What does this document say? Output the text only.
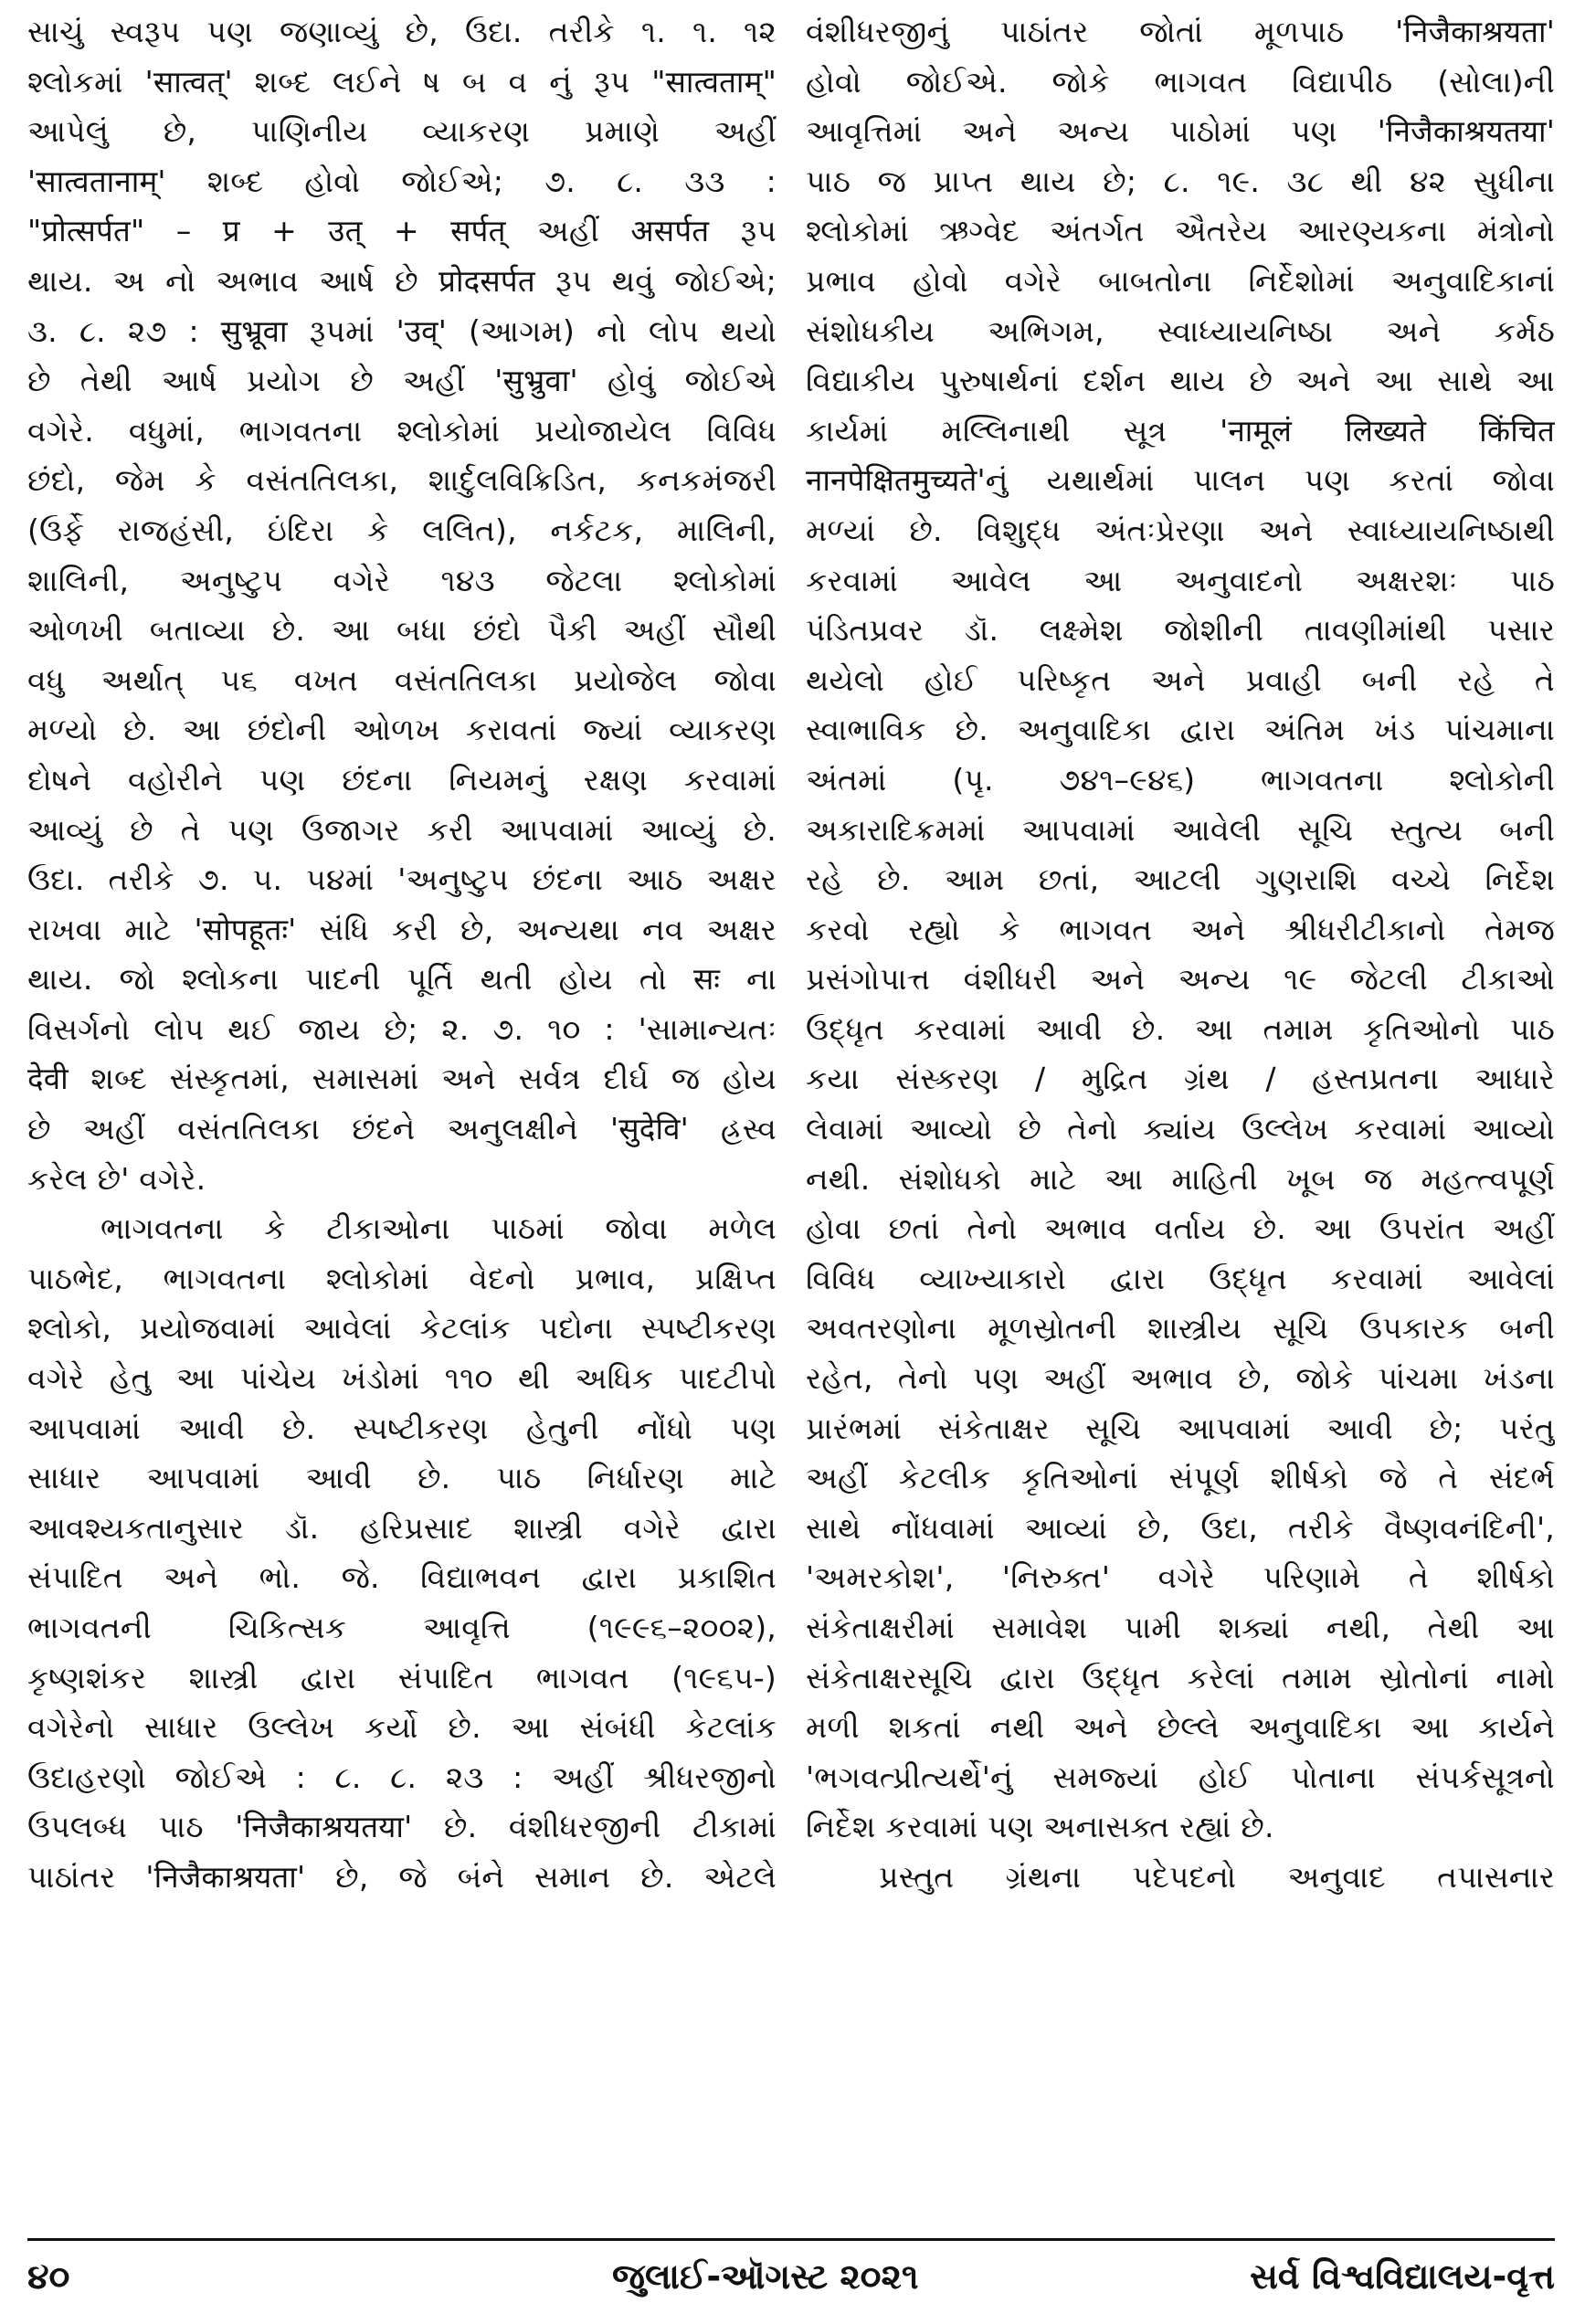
સાચું સ્વરૂપ પણ જણાવ્યું છે, ઉદા. તરીકે ૧. ૧. ૧૨
શ્લોકમાં 'सात्वत्' શબ્દ લઈને ષ બ વ નું રૂપ "सात्वताम्"
આપેલું છે, પાણિનીય વ્યાકરણ પ્રમાણે અહીં
'सात्वतानाम्' શબ્દ હોવો જોઈએ; ૭. ૮. ૩૩ :
"प्रोत्सर्पत" – प्र + उत् + सर्पत् અહીં असर्पत રૂપ
થાય. અ નો અભાવ આર્ષ છે प्रोदसर्पत રૂપ થવું જોઈએ;
૩. ૮. ૨૭ : सुभ्रूवा રૂપમાં 'उव्' (આગમ) નો લોપ થયો
છે તેથી આર્ષ પ્રયોગ છે અહીં 'सुभ्रुवा' હોવું જોઈએ
વગેરે. વધુમાં, ભાગવતના શ્લોકોમાં પ્રયોજાયેલ વિવિધ
છંદો, જેમ કે વસંતતિલકા, શાર્દુલવિક્રિડિત, કનકમંજરી
(ઉર્ફે રાજહંસી, ઇંદિરા કે લલિત), નર્કટક, માલિની,
શાલિની, અનુષ્ટુપ વગેરે ૧૪૩ જેટલા શ્લોકોમાં
ઓળખી બતાવ્યા છે. આ બધા છંદો પૈકી અહીં સૌથી
વધુ અર્થાત્ ૫૬ વખત વસંતતિલકા પ્રયોજેલ જોવા
મળ્યો છે. આ છંદોની ઓળખ કરાવતાં જ્યાં વ્યાકરણ
દોષને વહોરીને પણ છંદના નિયમનું રક્ષણ કરવામાં
આવ્યું છે તે પણ ઉજાગર કરી આપવામાં આવ્યું છે.
ઉદા. તરીકે ૭. ૫. ૫૪માં 'અનુષ્ટુપ છંદના આઠ અક્ષર
રાખવા માટે 'सोपहूतः' સંધિ કરી છે, અન્યથા નવ અક્ષર
થાય. જો શ્લોકના પાદની પૂર્તિ થતી હોય તો सः ના
વિસર્ગનો લોપ થઈ જાય છે; ૨. ૭. ૧૦ : 'સામાન્યતઃ
देवी શબ્દ સંસ્કૃતમાં, સમાસમાં અને સર્વત્ર દીર્ઘ જ હોય
છે અહીં વસંતતિલકા છંદને અનુલક્ષીને 'सुदेवि' હ્રસ્વ
કરેલ છે' વગેરે.
ભાગવતના કે ટીકાઓના પાઠમાં જોવા મળેલ
પાઠભેદ, ભાગવતના શ્લોકોમાં વેદનો પ્રભાવ, પ્રક્ષિપ્ત
શ્લોકો, પ્રયોજવામાં આવેલાં કેટલાંક પદોના સ્પષ્ટીકરણ
વગેરે હેતુ આ પાંચેય ખંડોમાં ૧૧૦ થી અધિક પાદટીપો
આપવામાં આવી છે. સ્પષ્ટીકરણ હેતુની નોંધો પણ
સાધાર આપવામાં આવી છે. પાઠ નિર્ધારણ માટે
આવશ્યકતાનુસાર ડૉ. હરિપ્રસાદ શાસ્ત્રી વગેરે દ્વારા
સંપાદિત અને ભો. જે. વિદ્યાભવન દ્વારા પ્રકાશિત
ભાગવતની ચિકિત્સક આવૃત્તિ (૧૯૯૬–૨૦૦૨),
કૃષ્ણશંકર શાસ્ત્રી દ્વારા સંપાદિત ભાગવત (૧૯૬૫-)
વગેરેનો સાધાર ઉલ્લેખ કર્યો છે. આ સંબંધી કેટલાંક
ઉદાહરણો જોઈએ : ૮. ૮. ૨૩ : અહીં શ્રીધરજીનો
ઉપલબ્ધ પાઠ 'निजैकाश्रयतया' છે. વંશીધરજીની ટીકામાં
પાઠાંતર 'निजैकाश्रयता' છે, જે બંને સમાન છે. એટલે
વંશીધરજીનું પાઠાંતર જોતાં મૂળપાઠ 'निजैकाश्रयता'
હોવો જોઈએ. જોકે ભાગવત વિદ્યાપીઠ (સોલા)ની
આવૃત્તિમાં અને અન્ય પાઠોમાં પણ 'निजैकाश्रयतया'
પાઠ જ પ્રાપ્ત થાય છે; ૮. ૧૯. ૩૮ થી ૪૨ સુધીના
શ્લોકોમાં ઋગ્વેદ અંતર્ગત ઐતરેય આરણ્યકના મંત્રોનો
પ્રભાવ હોવો વગેરે બાબતોના નિર્દેશોમાં અનુવાદિકાનાં
સંશોધકીય અભિગમ, સ્વાધ્યાયનિષ્ઠા અને કર્મઠ
વિદ્યાકીય પુરુષાર્થનાં દર્શન થાય છે અને આ સાથે આ
કાર્યમાં મલ્લિનાથી સૂત્ર 'नामूलं लिख्यते किंचित
नानपेक्षितमुच्यते'નું યથાર્થમાં પાલન પણ કરતાં જોવા
મળ્યાં છે. વિશુદ્ધ અંતઃપ્રેરણા અને સ્વાધ્યાયનિષ્ઠાથી
કરવામાં આવેલ આ અનુવાદનો અક્ષરશઃ પાઠ
પંડિતપ્રવર ડૉ. લક્ષ્મેશ જોશીની તાવણીમાંથી પસાર
થયેલો હોઈ પરિષ્કૃત અને પ્રવાહી બની રહે તે
સ્વાભાવિક છે. અનુવાદિકા દ્વારા અંતિમ ખંડ પાંચમાના
અંતમાં (પૃ. ૭૪૧–૯૪૬) ભાગવતના શ્લોકોની
અકારાદિક્રમમાં આપવામાં આવેલી સૂચિ સ્તુત્ય બની
રહે છે. આમ છતાં, આટલી ગુણરાશિ વચ્ચે નિર્દેશ
કરવો રહ્યો કે ભાગવત અને શ્રીધરીટીકાનો તેમજ
પ્રસંગોપાત્ત વંશીધરી અને અન્ય ૧૯ જેટલી ટીકાઓ
ઉદ્ધૃત કરવામાં આવી છે. આ તમામ કૃતિઓનો પાઠ
કયા સંસ્કરણ / મુદ્રિત ગ્રંથ / હસ્તપ્રતના આધારે
લેવામાં આવ્યો છે તેનો ક્યાંય ઉલ્લેખ કરવામાં આવ્યો
નથી. સંશોધકો માટે આ માહિતી ખૂબ જ મહત્ત્વપૂર્ણ
હોવા છતાં તેનો અભાવ વર્તાય છે. આ ઉપરાંત અહીં
વિવિધ વ્યાખ્યાકારો દ્વારા ઉદ્ધૃત કરવામાં આવેલાં
અવતરણોના મૂળસ્રોતની શાસ્ત્રીય સૂચિ ઉપકારક બની
રહેત, તેનો પણ અહીં અભાવ છે, જોકે પાંચમા ખંડના
પ્રારંભમાં સંકેતાક્ષર સૂચિ આપવામાં આવી છે; પરંતુ
અહીં કેટલીક કૃતિઓનાં સંપૂર્ણ શીર્ષકો જે તે સંદર્ભ
સાથે નોંધવામાં આવ્યાં છે, ઉદા, તરીકે વૈષ્ણવનંદિની',
'અમરકોશ', 'નિરુક્ત' વગેરે પરિણામે તે શીર્ષકો
સંકેતાક્ષરીમાં સમાવેશ પામી શક્યાં નથી, તેથી આ
સંકેતાક્ષરસૂચિ દ્વારા ઉદ્ધૃત કરેલાં તમામ સ્રોતોનાં નામો
મળી શકતાં નથી અને છેલ્લે અનુવાદિકા આ કાર્યને
'ભગવત્પ્રીત્યર્થે'નું સમજ્યાં હોઈ પોતાના સંપર્કસૂત્રનો
નિર્દેશ કરવામાં પણ અનાસક્ત રહ્યાં છે.
પ્રસ્તુત ગ્રંથના પદેપદનો અનુવાદ તપાસનાર
૪૦	જુલાઈ-ઑગસ્ટ ૨૦૨૧	સર્વ વિશ્વવિદ્યાલય-વૃત્ત
